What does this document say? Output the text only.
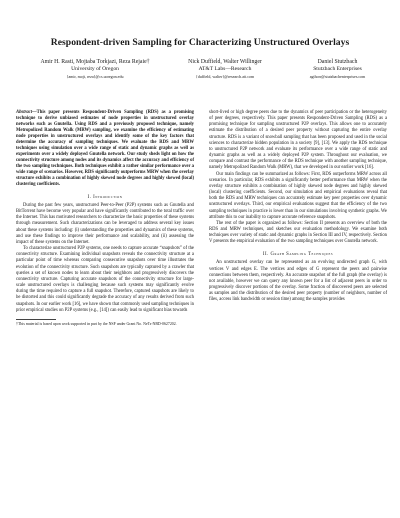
Respondent-driven Sampling for Characterizing Unstructured Overlays
Amir H. Rasti, Mojtaba Torkjazi, Reza Rejaie†
University of Oregon
{amir, mojt, reza}@cs.uoregon.edu
Nick Duffield, Walter Willinger
AT&T Labs—Research
{duffield, walter}@research.att.com
Daniel Stutzbach
Stutzbach Enterprises
agthorr@stutzbachenterprises.com

Abstract—This paper presents Respondent-Driven Sampling (RDS) as a promising technique to derive unbiased estimates of node properties in unstructured overlay networks such as Gnutella. Using RDS and a previously proposed technique, namely Metropolized Random Walk (MRW) sampling, we examine the efficiency of estimating node properties in unstructured overlays and identify some of the key factors that determine the accuracy of sampling techniques. We evaluate the RDS and MRW techniques using simulation over a wide range of static and dynamic graphs as well as experiments over a widely deployed Gnutella network. Our study sheds light on how the connectivity structure among nodes and its dynamics affect the accuracy and efficiency of the two sampling techniques. Both techniques exhibit a rather similar performance over a wide range of scenarios. However, RDS significantly outperforms MRW when the overlay structure exhibits a combination of highly skewed node degrees and highly skewed (local) clustering coefficients.

I. Introduction

During the past few years, unstructured Peer-to-Peer (P2P) systems such as Gnutella and BitTorrent have become very popular and have significantly contributed to the total traffic over the Internet. This has motivated researchers to characterize the basic properties of these systems through measurement. Such characterizations can be leveraged to address several key issues about these systems including: (i) understanding the properties and dynamics of these systems, and use these findings to improve their performance and scalability, and (ii) assessing the impact of these systems on the Internet.

To characterize unstructured P2P systems, one needs to capture accurate “snapshots” of the connectivity structure. Examining individual snapshots reveals the connectivity structure at a particular point of time whereas comparing consecutive snapshots over time illustrates the evolution of the connectivity structure. Such snapshots are typically captured by a crawler that queries a set of known nodes to learn about their neighbors and progressively discovers the connectivity structure. Capturing accurate snapshots of the connectivity structure for large-scale unstructured overlays is challenging because such systems may significantly evolve during the time required to capture a full snapshot. Therefore, captured snapshots are likely to be distorted and this could significantly degrade the accuracy of any results derived from such snapshots. In our earlier work [16], we have shown that commonly used sampling techniques in prior empirical studies on P2P systems (e.g., [14]) can easily lead to significant bias towards

†This material is based upon work supported in part by the NSF under Grant No. NeTs-NBD-0627202.

short-lived or high degree peers due to the dynamics of peer participation or the heterogeneity of peer degrees, respectively. This paper presents Respondent-Driven Sampling (RDS) as a promising technique for sampling unstructured P2P overlays. This allows one to accurately estimate the distribution of a desired peer property without capturing the entire overlay structure. RDS is a variant of snowball sampling that has been proposed and used in the social sciences to characterize hidden population in a society [9], [13]. We apply the RDS technique to unstructured P2P network and evaluate its performance over a wide range of static and dynamic graphs as well as a widely deployed P2P system. Throughout our evaluation, we compare and contrast the performance of the RDS technique with another sampling technique, namely Metropolized Random Walk (MRW), that we developed in our earlier work [16].

Our main findings can be summarized as follows: First, RDS outperforms MRW across all scenarios. In particular, RDS exhibits a significantly better performance than MRW when the overlay structure exhibits a combination of highly skewed node degrees and highly skewed (local) clustering coefficients. Second, our simulation and empirical evaluations reveal that both the RDS and MRW techniques can accurately estimate key peer properties over dynamic unstructured overlays. Third, our empirical evaluations suggest that the efficiency of the two sampling techniques in practice is lower than in our simulations involving synthetic graphs. We attribute this to our inability to capture accurate reference snapshots.

The rest of the paper is organized as follows: Section II presents an overview of both the RDS and MRW techniques, and sketches our evaluation methodology. We examine both techniques over variety of static and dynamic graphs in Section III and IV, respectively. Section V presents the empirical evaluation of the two sampling techniques over Gnutella network.

II. Graph Sampling Techniques

An unstructured overlay can be represented as an evolving undirected graph G, with vertices V and edges E. The vertices and edges of G represent the peers and pairwise connections between them, respectively. An accurate snapshot of the full graph (the overlay) is not available, however we can query any known peer for a list of adjacent peers in order to progressively discover portions of the overlay. Some fraction of discovered peers are selected as samples and the distribution of the desired peer property (number of neighbors, number of files, access link bandwidth or session time) among the samples provides
